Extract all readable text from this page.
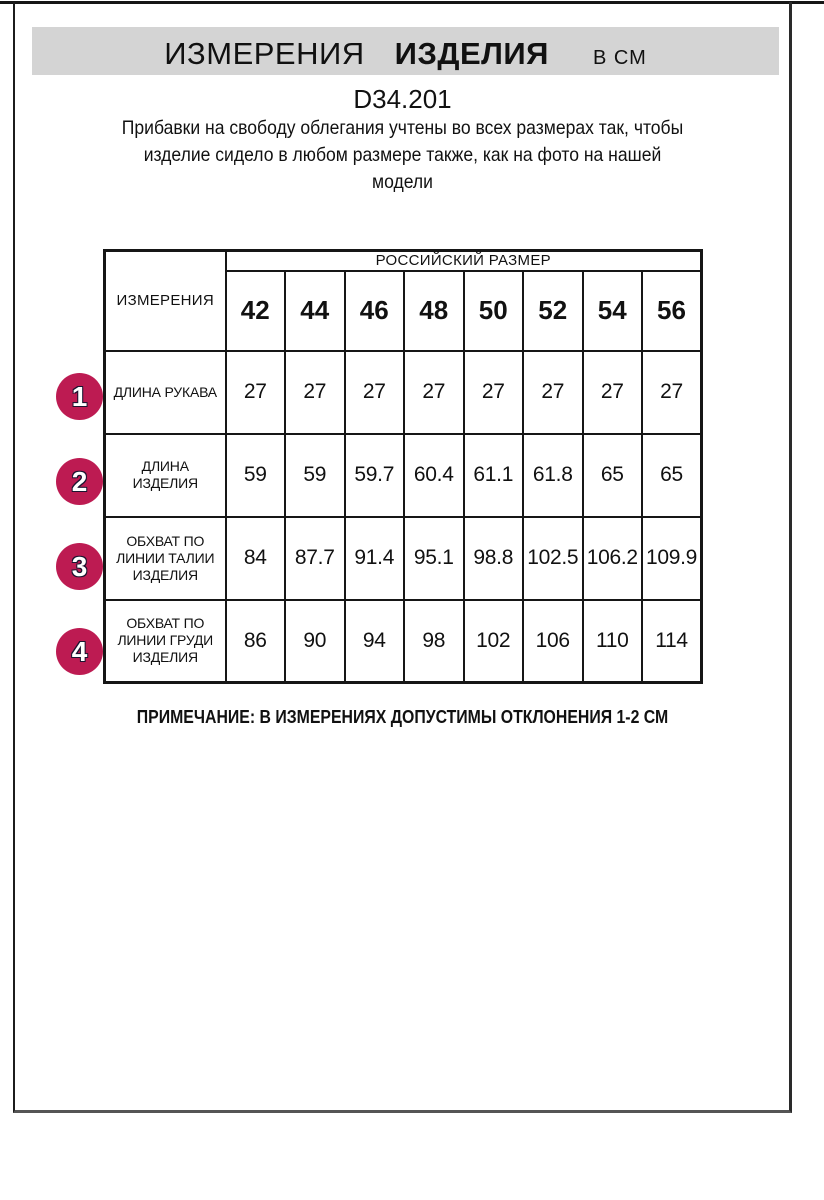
ИЗМЕРЕНИЯ ИЗДЕЛИЯ В СМ
D34.201
Прибавки на свободу облегания учтены во всех размерах так, чтобы
изделие сидело в любом размере также, как на фото на нашей
модели
ИЗМЕРЕНИЯ	РОССИЙСКИЙ РАЗМЕР							
	42	44	46	48	50	52	54	56
ДЛИНА РУКАВА	27	27	27	27	27	27	27	27
ДЛИНА ИЗДЕЛИЯ	59	59	59.7	60.4	61.1	61.8	65	65
ОБХВАТ ПО ЛИНИИ ТАЛИИ ИЗДЕЛИЯ	84	87.7	91.4	95.1	98.8	102.5	106.2	109.9
ОБХВАТ ПО ЛИНИИ ГРУДИ ИЗДЕЛИЯ	86	90	94	98	102	106	110	114
1
2
3
4
ПРИМЕЧАНИЕ: В ИЗМЕРЕНИЯХ ДОПУСТИМЫ ОТКЛОНЕНИЯ 1-2 СМ
